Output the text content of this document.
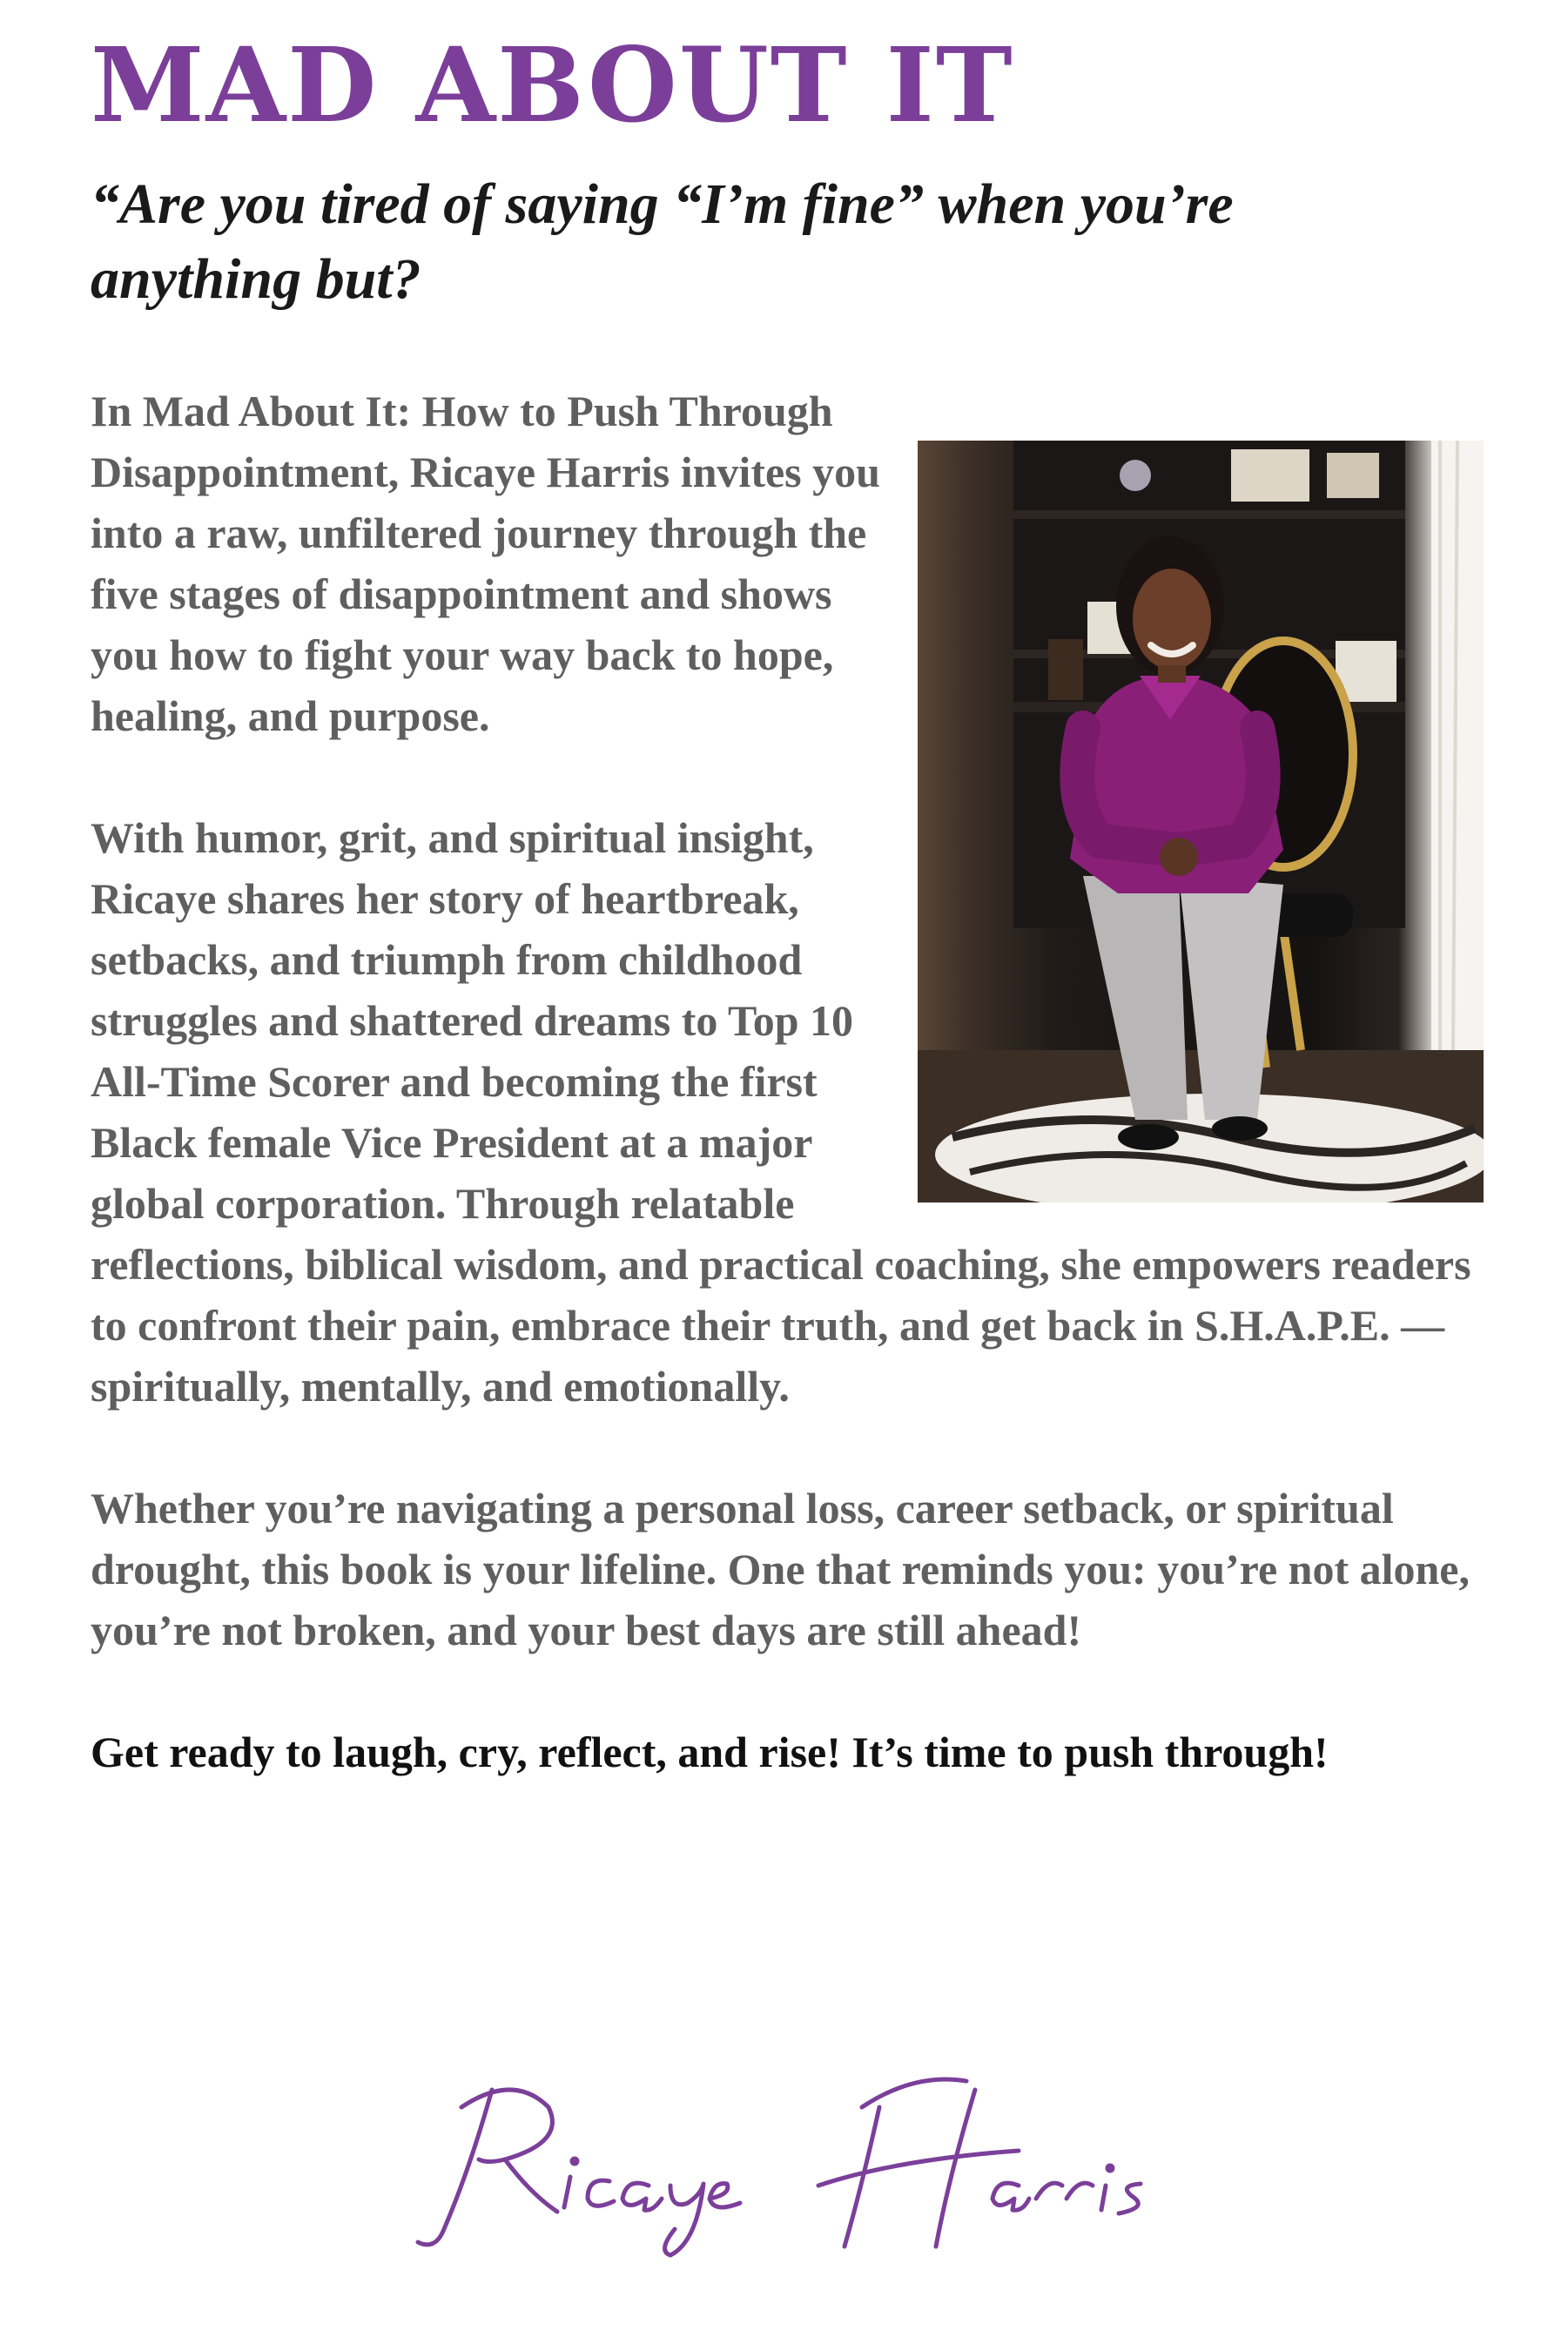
MAD ABOUT IT

“Are you tired of saying “I’m fine” when you’re anything but?

In Mad About It: How to Push Through Disappointment, Ricaye Harris invites you into a raw, unfiltered journey through the five stages of disappointment and shows you how to fight your way back to hope, healing, and purpose.

With humor, grit, and spiritual insight, Ricaye shares her story of heartbreak, setbacks, and triumph from childhood struggles and shattered dreams to Top 10 All-Time Scorer and becoming the first Black female Vice President at a major global corporation. Through relatable reflections, biblical wisdom, and practical coaching, she empowers readers to confront their pain, embrace their truth, and get back in S.H.A.P.E. — spiritually, mentally, and emotionally.

Whether you’re navigating a personal loss, career setback, or spiritual drought, this book is your lifeline. One that reminds you: you’re not alone, you’re not broken, and your best days are still ahead!

Get ready to laugh, cry, reflect, and rise! It’s time to push through!
